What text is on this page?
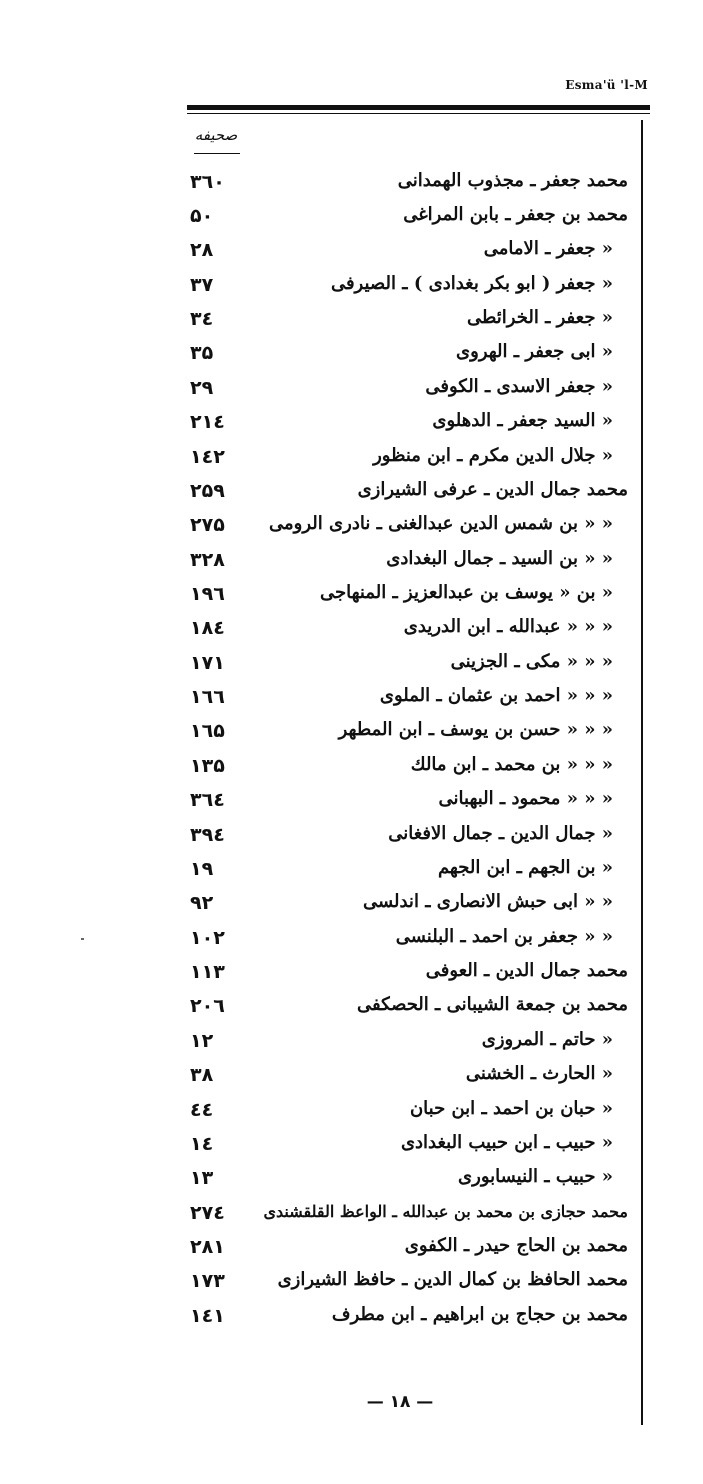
Esma'ü 'l-M
صحيفه
۳٦۰	محمد جعفر ـ مجذوب الهمدانى
۵۰	محمد بن جعفر ـ بابن المراغى
۲۸	« جعفر ـ الامامى
۳۷	« جعفر ( ابو بكر بغدادى ) ـ الصيرفى
۳٤	« جعفر ـ الخرائطى
۳۵	« ابى جعفر ـ الهروى
۲۹	« جعفر الاسدى ـ الكوفى
۲۱٤	« السيد جعفر ـ الدهلوى
۱٤۲	« جلال الدين مكرم ـ ابن منظور
۲۵۹	محمد جمال الدين ـ عرفى الشيرازى
۲۷۵	« « بن شمس الدين عبدالغنى ـ نادرى الرومى
۳۲۸	« « بن السيد ـ جمال البغدادى
۱۹٦	« بن « يوسف بن عبدالعزيز ـ المنهاجى
۱۸٤	« « « عبدالله ـ ابن الدريدى
۱۷۱	« « « مكى ـ الجزينى
۱٦٦	« « « احمد بن عثمان ـ الملوى
۱٦۵	« « « حسن بن يوسف ـ ابن المطهر
۱۳۵	« « « بن محمد ـ ابن مالك
۳٦٤	« « « محمود ـ البهبانى
۳۹٤	« جمال الدين ـ جمال الافغانى
۱۹	« بن الجهم ـ ابن الجهم
۹۲	« « ابى حبش الانصارى ـ اندلسى
۱۰۲	« « جعفر بن احمد ـ البلنسى
۱۱۳	محمد جمال الدين ـ العوفى
۲۰٦	محمد بن جمعة الشيبانى ـ الحصكفى
۱۲	« حاتم ـ المروزى
۳۸	« الحارث ـ الخشنى
٤٤	« حبان بن احمد ـ ابن حبان
۱٤	« حبيب ـ ابن حبيب البغدادى
۱۳	« حبيب ـ النيسابورى
۲۷٤	محمد حجازى بن محمد بن عبدالله ـ الواعظ القلقشندى
۲۸۱	محمد بن الحاج حيدر ـ الكفوى
۱۷۳	محمد الحافظ بن كمال الدين ـ حافظ الشيرازى
۱٤۱	محمد بن حجاج بن ابراهيم ـ ابن مطرف
— ۱۸ —
